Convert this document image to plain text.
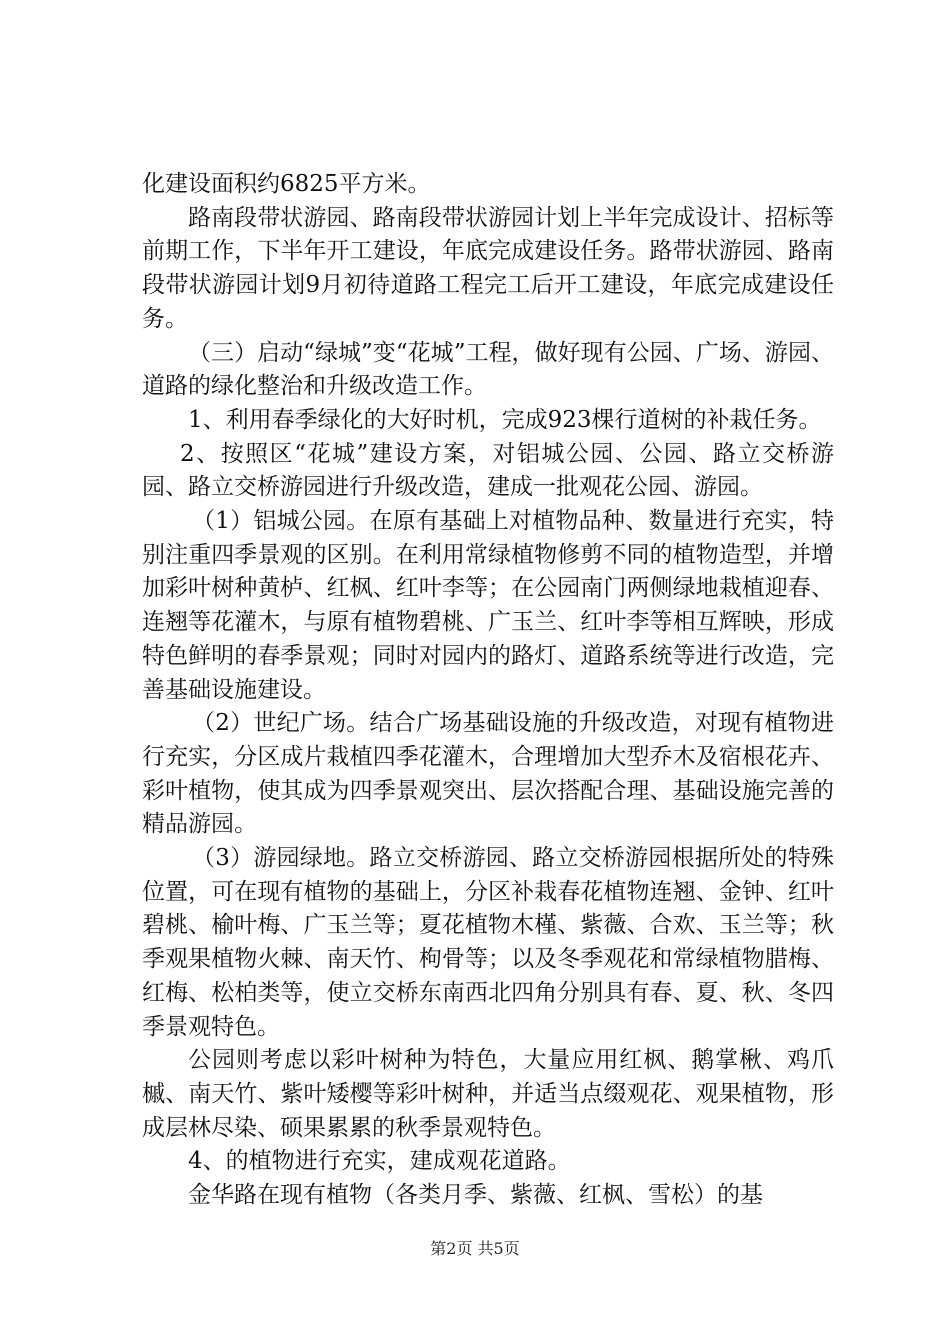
化建设面积约6825平方米。

路南段带状游园、路南段带状游园计划上半年完成设计、招标等前期工作，下半年开工建设，年底完成建设任务。路带状游园、路南段带状游园计划9月初待道路工程完工后开工建设，年底完成建设任务。

（三）启动“绿城”变“花城”工程，做好现有公园、广场、游园、道路的绿化整治和升级改造工作。

1、利用春季绿化的大好时机，完成923棵行道树的补栽任务。

2、按照区“花城”建设方案，对铝城公园、公园、路立交桥游园、路立交桥游园进行升级改造，建成一批观花公园、游园。

（1）铝城公园。在原有基础上对植物品种、数量进行充实，特别注重四季景观的区别。在利用常绿植物修剪不同的植物造型，并增加彩叶树种黄栌、红枫、红叶李等；在公园南门两侧绿地栽植迎春、连翘等花灌木，与原有植物碧桃、广玉兰、红叶李等相互辉映，形成特色鲜明的春季景观；同时对园内的路灯、道路系统等进行改造，完善基础设施建设。

（2）世纪广场。结合广场基础设施的升级改造，对现有植物进行充实，分区成片栽植四季花灌木，合理增加大型乔木及宿根花卉、彩叶植物，使其成为四季景观突出、层次搭配合理、基础设施完善的精品游园。

（3）游园绿地。路立交桥游园、路立交桥游园根据所处的特殊位置，可在现有植物的基础上，分区补栽春花植物连翘、金钟、红叶碧桃、榆叶梅、广玉兰等；夏花植物木槿、紫薇、合欢、玉兰等；秋季观果植物火棘、南天竹、枸骨等；以及冬季观花和常绿植物腊梅、红梅、松柏类等，使立交桥东南西北四角分别具有春、夏、秋、冬四季景观特色。

公园则考虑以彩叶树种为特色，大量应用红枫、鹅掌楸、鸡爪槭、南天竹、紫叶矮樱等彩叶树种，并适当点缀观花、观果植物，形成层林尽染、硕果累累的秋季景观特色。

4、的植物进行充实，建成观花道路。

金华路在现有植物（各类月季、紫薇、红枫、雪松）的基

第2页 共5页
